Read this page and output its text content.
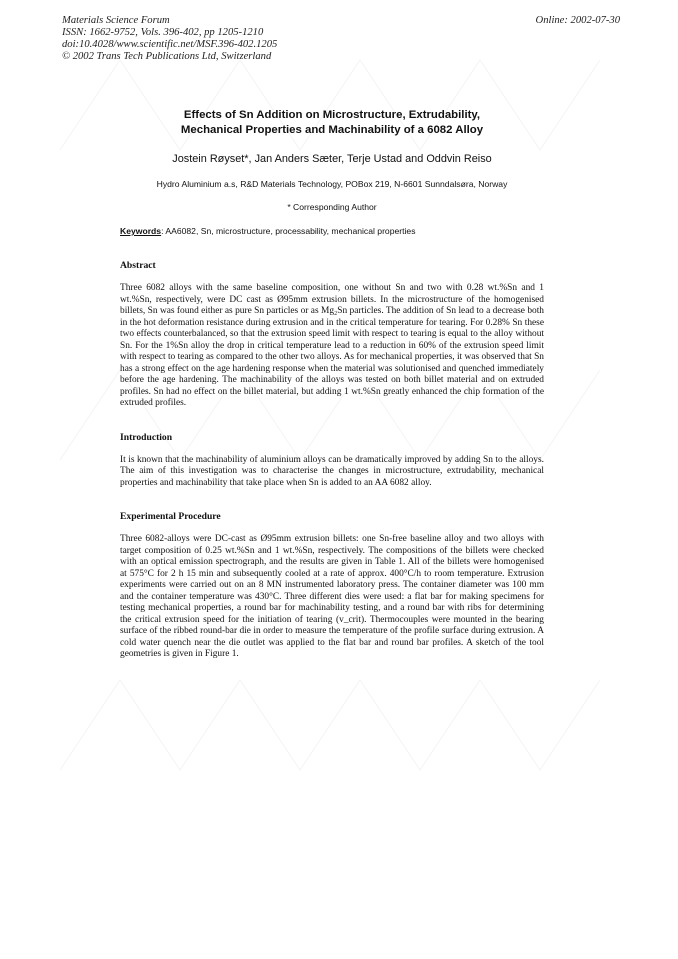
Materials Science Forum
ISSN: 1662-9752, Vols. 396-402, pp 1205-1210
doi:10.4028/www.scientific.net/MSF.396-402.1205
© 2002 Trans Tech Publications Ltd, Switzerland
Online: 2002-07-30
Effects of Sn Addition on Microstructure, Extrudability,
Mechanical Properties and Machinability of a 6082 Alloy
Jostein Røyset*, Jan Anders Sæter, Terje Ustad and Oddvin Reiso
Hydro Aluminium a.s, R&D Materials Technology, POBox 219, N-6601 Sunndalsøra, Norway
* Corresponding Author
Keywords: AA6082, Sn, microstructure, processability, mechanical properties
Abstract

Three 6082 alloys with the same baseline composition, one without Sn and two with 0.28 wt.%Sn and 1 wt.%Sn, respectively, were DC cast as Ø95mm extrusion billets. In the microstructure of the homogenised billets, Sn was found either as pure Sn particles or as Mg₂Sn particles. The addition of Sn lead to a decrease both in the hot deformation resistance during extrusion and in the critical temperature for tearing. For 0.28% Sn these two effects counterbalanced, so that the extrusion speed limit with respect to tearing is equal to the alloy without Sn. For the 1%Sn alloy the drop in critical temperature lead to a reduction in 60% of the extrusion speed limit with respect to tearing as compared to the other two alloys. As for mechanical properties, it was observed that Sn has a strong effect on the age hardening response when the material was solutionised and quenched immediately before the age hardening. The machinability of the alloys was tested on both billet material and on extruded profiles. Sn had no effect on the billet material, but adding 1 wt.%Sn greatly enhanced the chip formation of the extruded profiles.

Introduction

It is known that the machinability of aluminium alloys can be dramatically improved by adding Sn to the alloys. The aim of this investigation was to characterise the changes in microstructure, extrudability, mechanical properties and machinability that take place when Sn is added to an AA 6082 alloy.

Experimental Procedure

Three 6082-alloys were DC-cast as Ø95mm extrusion billets: one Sn-free baseline alloy and two alloys with target composition of 0.25 wt.%Sn and 1 wt.%Sn, respectively. The compositions of the billets were checked with an optical emission spectrograph, and the results are given in Table 1. All of the billets were homogenised at 575°C for 2 h 15 min and subsequently cooled at a rate of approx. 400°C/h to room temperature. Extrusion experiments were carried out on an 8 MN instrumented laboratory press. The container diameter was 100 mm and the container temperature was 430°C. Three different dies were used: a flat bar for making specimens for testing mechanical properties, a round bar for machinability testing, and a round bar with ribs for determining the critical extrusion speed for the initiation of tearing (v_crit). Thermocouples were mounted in the bearing surface of the ribbed round-bar die in order to measure the temperature of the profile surface during extrusion. A cold water quench near the die outlet was applied to the flat bar and round bar profiles. A sketch of the tool geometries is given in Figure 1.
